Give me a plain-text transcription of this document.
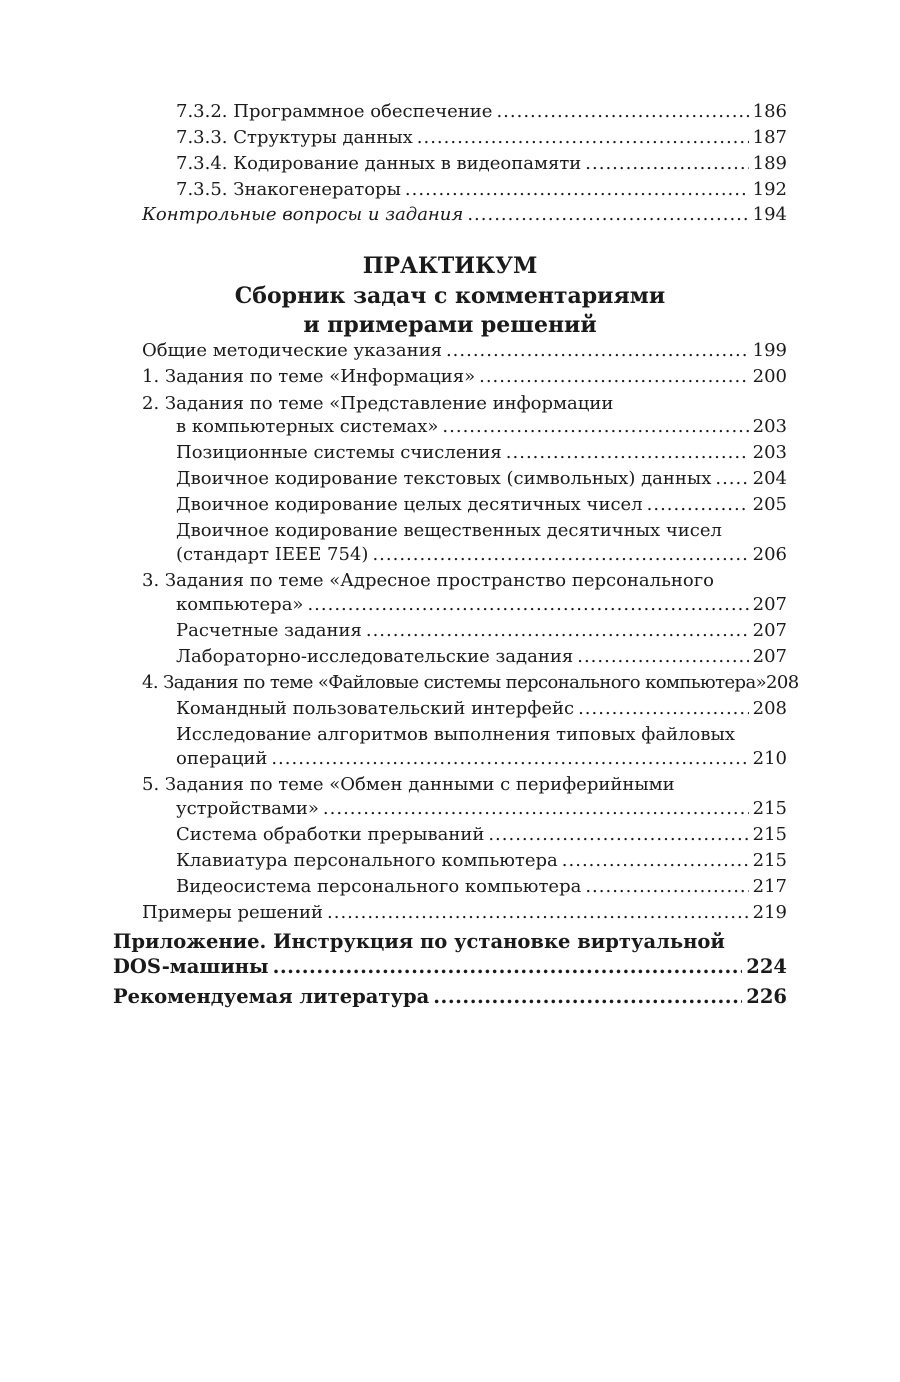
7.3.2. Программное обеспечение .....	186
7.3.3. Структуры данных .....	187
7.3.4. Кодирование данных в видеопамяти .....	189
7.3.5. Знакогенераторы .....	192
Контрольные вопросы и задания .....	194
ПРАКТИКУМ
Сборник задач с комментариями
и примерами решений
Общие методические указания .....	199
1. Задания по теме «Информация» .....	200
2. Задания по теме «Представление информации
в компьютерных системах» .....	203
Позиционные системы счисления .....	203
Двоичное кодирование текстовых (символьных) данных ..... 204
Двоичное кодирование целых десятичных чисел .....	205
Двоичное кодирование вещественных десятичных чисел
(стандарт IEEE 754) .....	206
3. Задания по теме «Адресное пространство персонального
компьютера» .....	207
Расчетные задания .....	207
Лабораторно-исследовательские задания .....	207
4. Задания по теме «Файловые системы персонального компьютера» 208
Командный пользовательский интерфейс .....	208
Исследование алгоритмов выполнения типовых файловых
операций .....	210
5. Задания по теме «Обмен данными с периферийными
устройствами» .....	215
Система обработки прерываний .....	215
Клавиатура персонального компьютера .....	215
Видеосистема персонального компьютера .....	217
Примеры решений .....	219
Приложение. Инструкция по установке виртуальной
DOS-машины .....	224
Рекомендуемая литература .....	226
